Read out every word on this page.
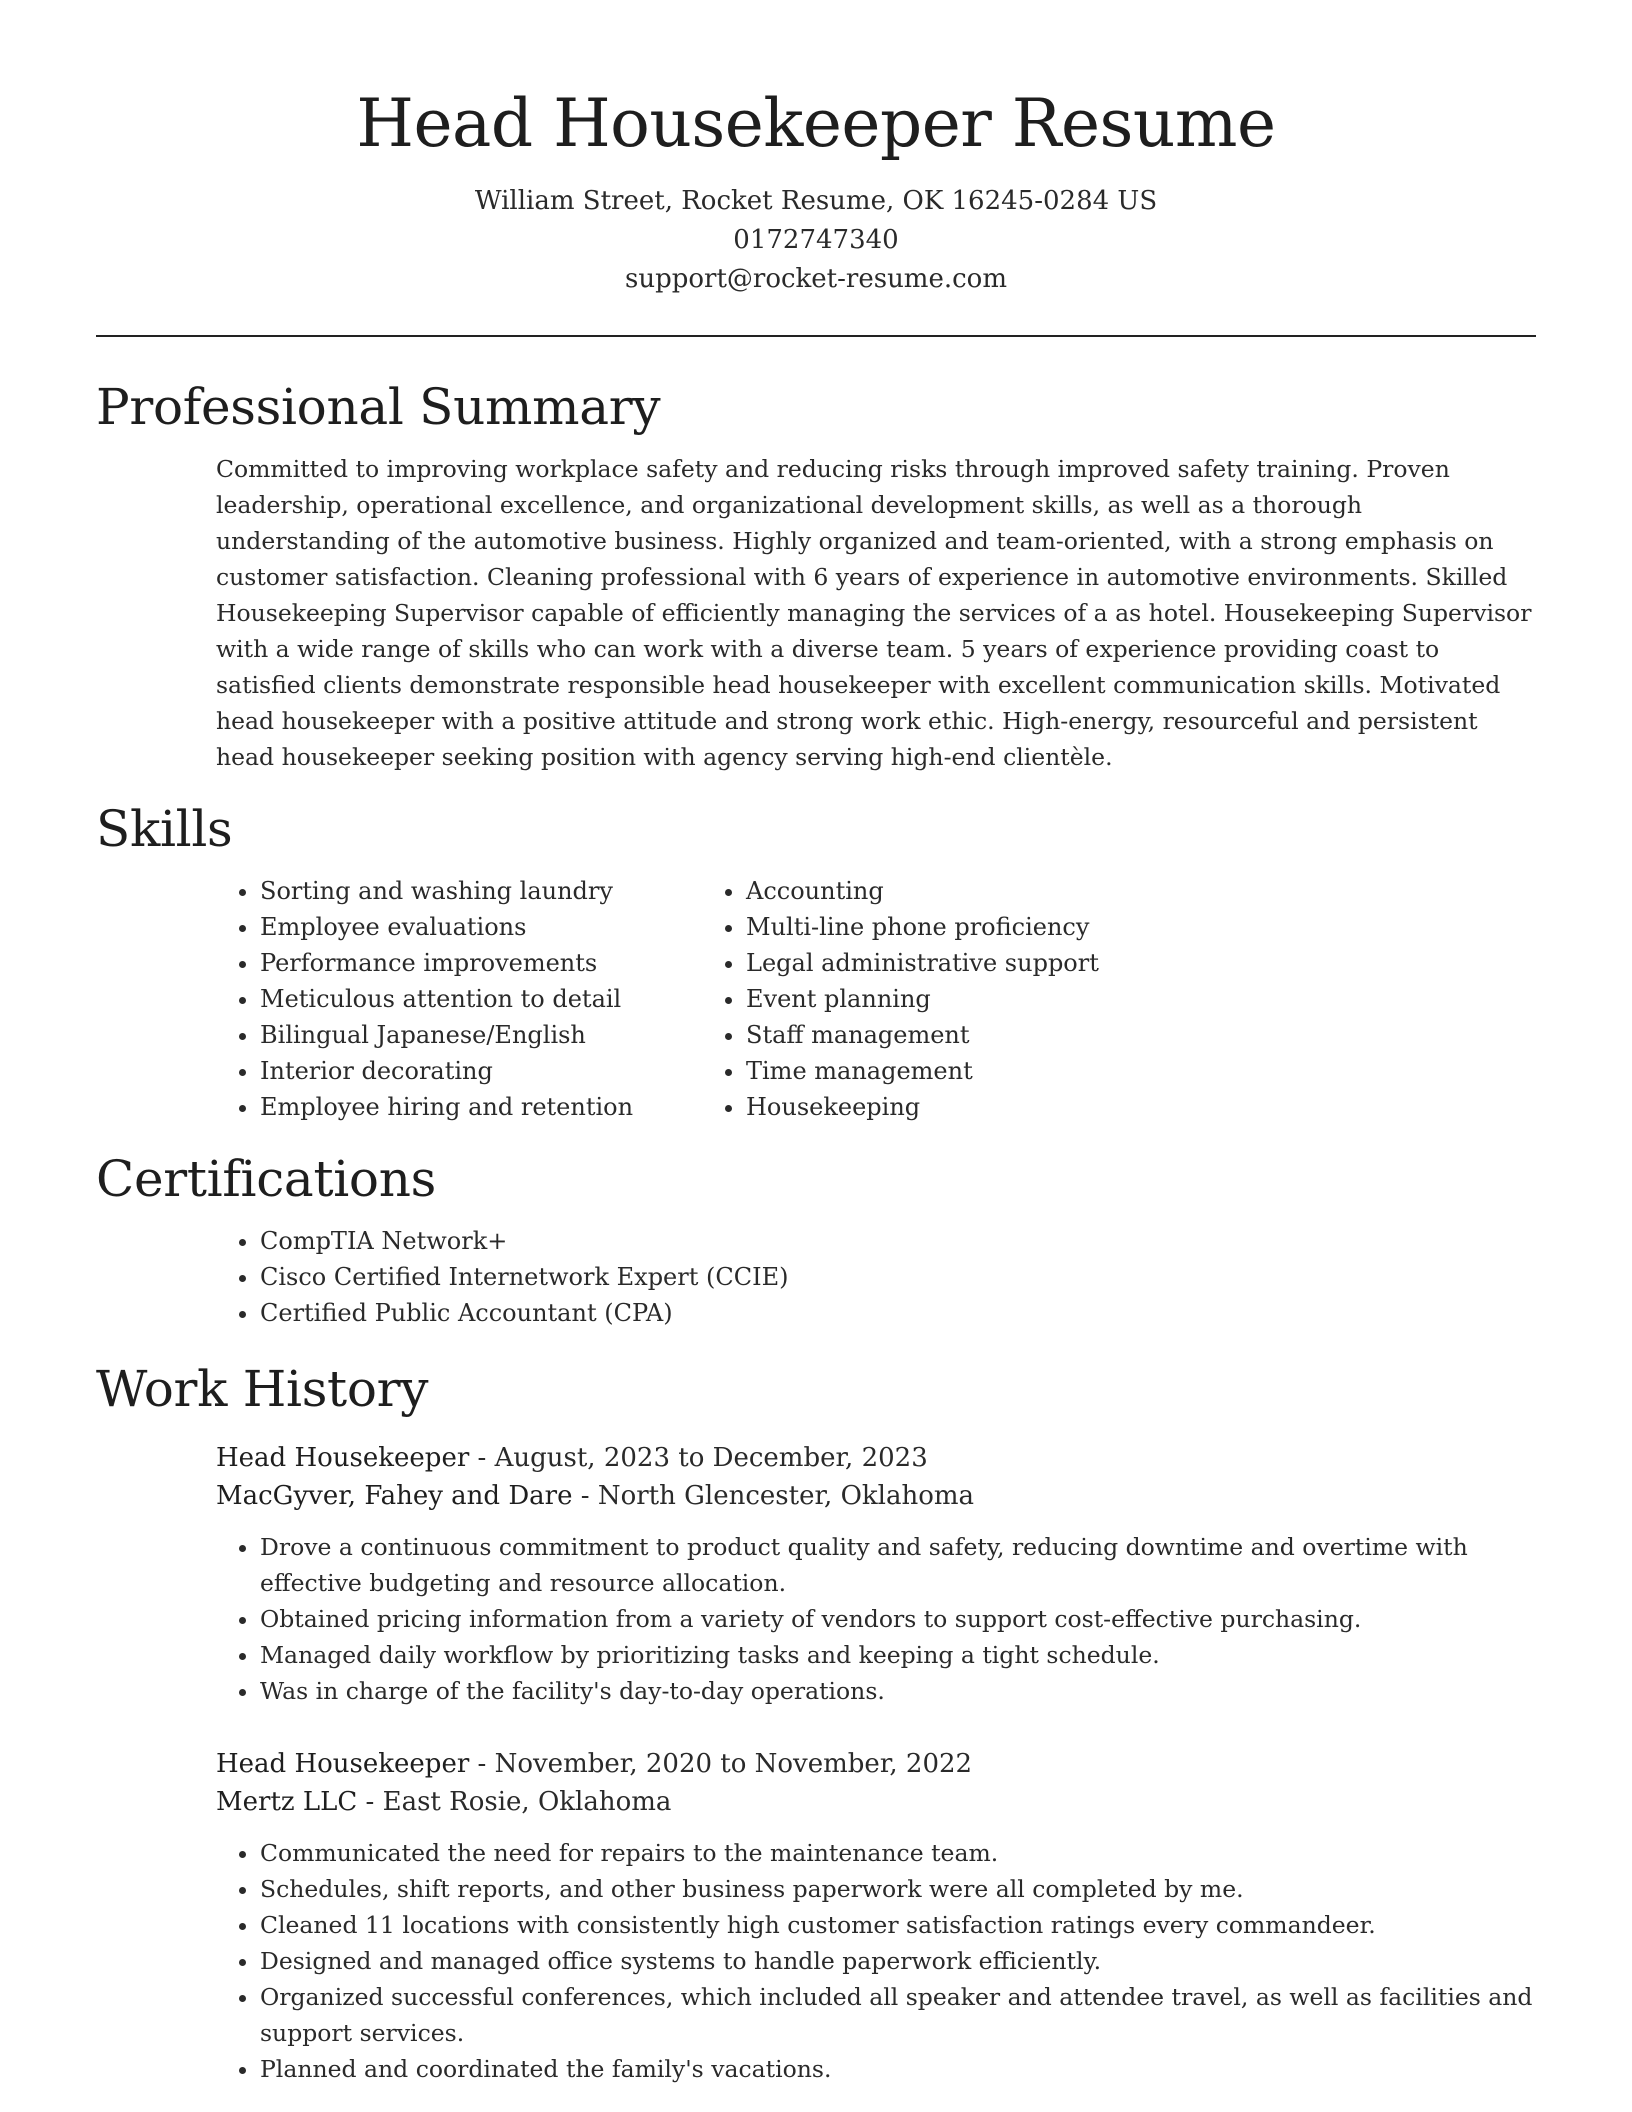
Head Housekeeper Resume
William Street, Rocket Resume, OK 16245-0284 US
0172747340
support@rocket-resume.com
Professional Summary
Committed to improving workplace safety and reducing risks through improved safety training. Proven leadership, operational excellence, and organizational development skills, as well as a thorough understanding of the automotive business. Highly organized and team-oriented, with a strong emphasis on customer satisfaction. Cleaning professional with 6 years of experience in automotive environments. Skilled Housekeeping Supervisor capable of efficiently managing the services of a as hotel. Housekeeping Supervisor with a wide range of skills who can work with a diverse team. 5 years of experience providing coast to satisfied clients demonstrate responsible head housekeeper with excellent communication skills. Motivated head housekeeper with a positive attitude and strong work ethic. High-energy, resourceful and persistent head housekeeper seeking position with agency serving high-end clientèle.
Skills
• Sorting and washing laundry
• Employee evaluations
• Performance improvements
• Meticulous attention to detail
• Bilingual Japanese/English
• Interior decorating
• Employee hiring and retention
• Accounting
• Multi-line phone proficiency
• Legal administrative support
• Event planning
• Staff management
• Time management
• Housekeeping
Certifications
• CompTIA Network+
• Cisco Certified Internetwork Expert (CCIE)
• Certified Public Accountant (CPA)
Work History
Head Housekeeper - August, 2023 to December, 2023
MacGyver, Fahey and Dare - North Glencester, Oklahoma
• Drove a continuous commitment to product quality and safety, reducing downtime and overtime with effective budgeting and resource allocation.
• Obtained pricing information from a variety of vendors to support cost-effective purchasing.
• Managed daily workflow by prioritizing tasks and keeping a tight schedule.
• Was in charge of the facility's day-to-day operations.
Head Housekeeper - November, 2020 to November, 2022
Mertz LLC - East Rosie, Oklahoma
• Communicated the need for repairs to the maintenance team.
• Schedules, shift reports, and other business paperwork were all completed by me.
• Cleaned 11 locations with consistently high customer satisfaction ratings every commandeer.
• Designed and managed office systems to handle paperwork efficiently.
• Organized successful conferences, which included all speaker and attendee travel, as well as facilities and support services.
• Planned and coordinated the family's vacations.
